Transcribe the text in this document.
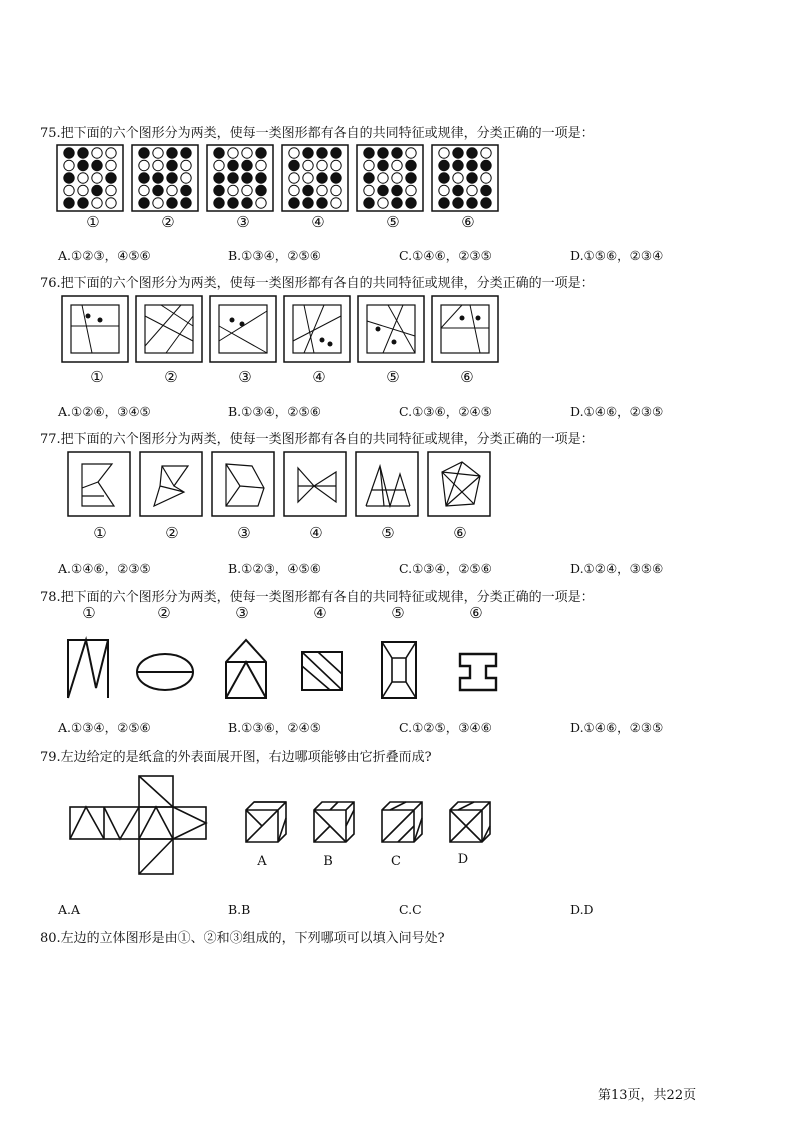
75.把下面的六个图形分为两类，使每一类图形都有各自的共同特征或规律，分类正确的一项是：
①	②	③	④	⑤	⑥
A.①②③，④⑤⑥	B.①③④，②⑤⑥	C.①④⑥，②③⑤	D.①⑤⑥，②③④
76.把下面的六个图形分为两类，使每一类图形都有各自的共同特征或规律，分类正确的一项是：
①	②	③	④	⑤	⑥
A.①②⑥，③④⑤	B.①③④，②⑤⑥	C.①③⑥，②④⑤	D.①④⑥，②③⑤
77.把下面的六个图形分为两类，使每一类图形都有各自的共同特征或规律，分类正确的一项是：
①	②	③	④	⑤	⑥
A.①④⑥，②③⑤	B.①②③，④⑤⑥	C.①③④，②⑤⑥	D.①②④，③⑤⑥
78.把下面的六个图形分为两类，使每一类图形都有各自的共同特征或规律，分类正确的一项是：
①	②	③	④	⑤	⑥
A.①③④，②⑤⑥	B.①③⑥，②④⑤	C.①②⑤，③④⑥	D.①④⑥，②③⑤
79.左边给定的是纸盒的外表面展开图，右边哪项能够由它折叠而成?
A	B	C	D
A.A	B.B	C.C	D.D
80.左边的立体图形是由①、②和③组成的，下列哪项可以填入问号处?
第13页，共22页
